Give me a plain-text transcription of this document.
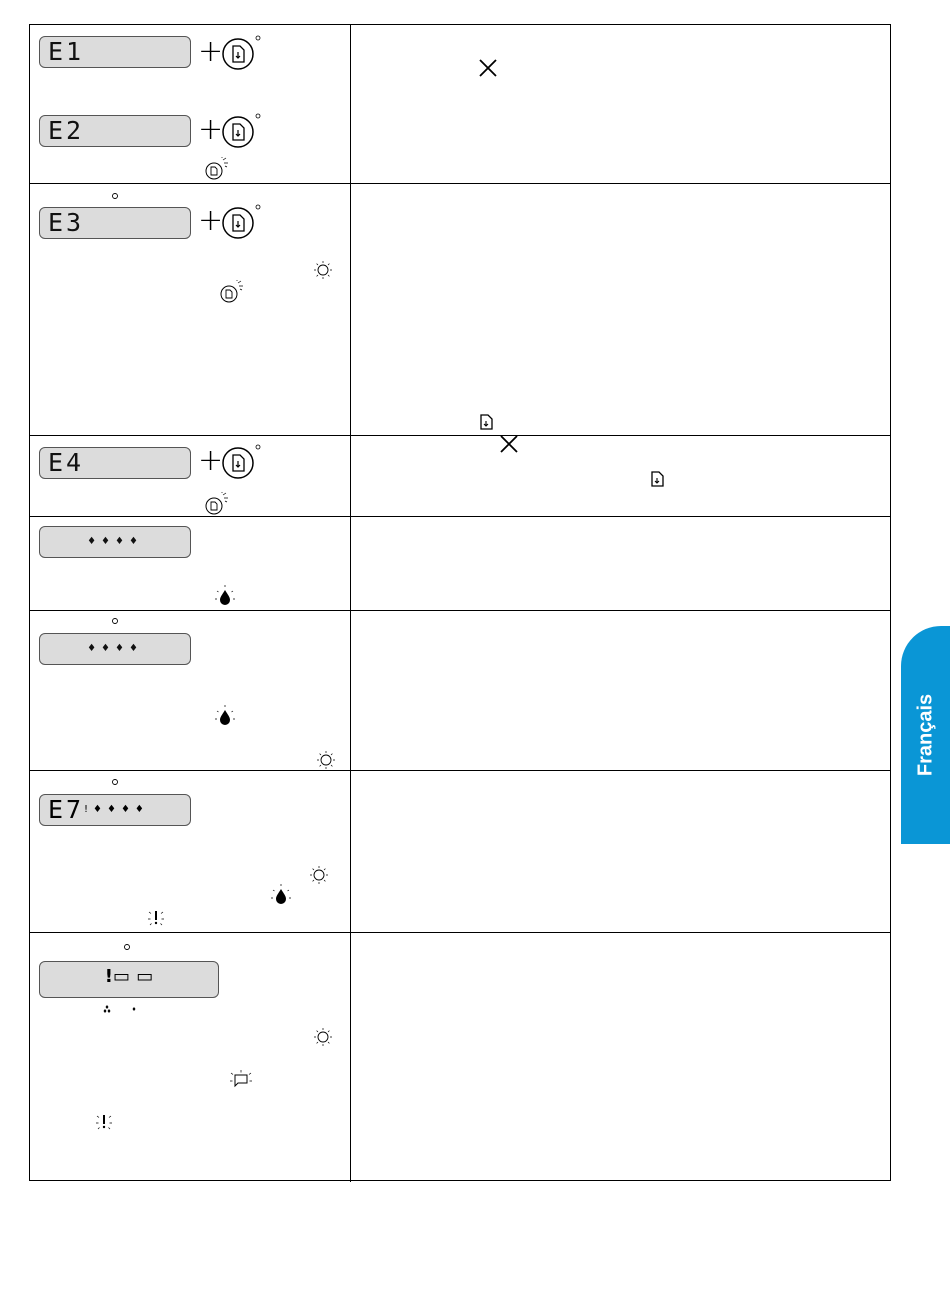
E1	+
E2	+
E3	+
E4	+
♦♦♦♦
♦♦♦♦
E7 !♦♦♦♦
!▭ ▭
Français
